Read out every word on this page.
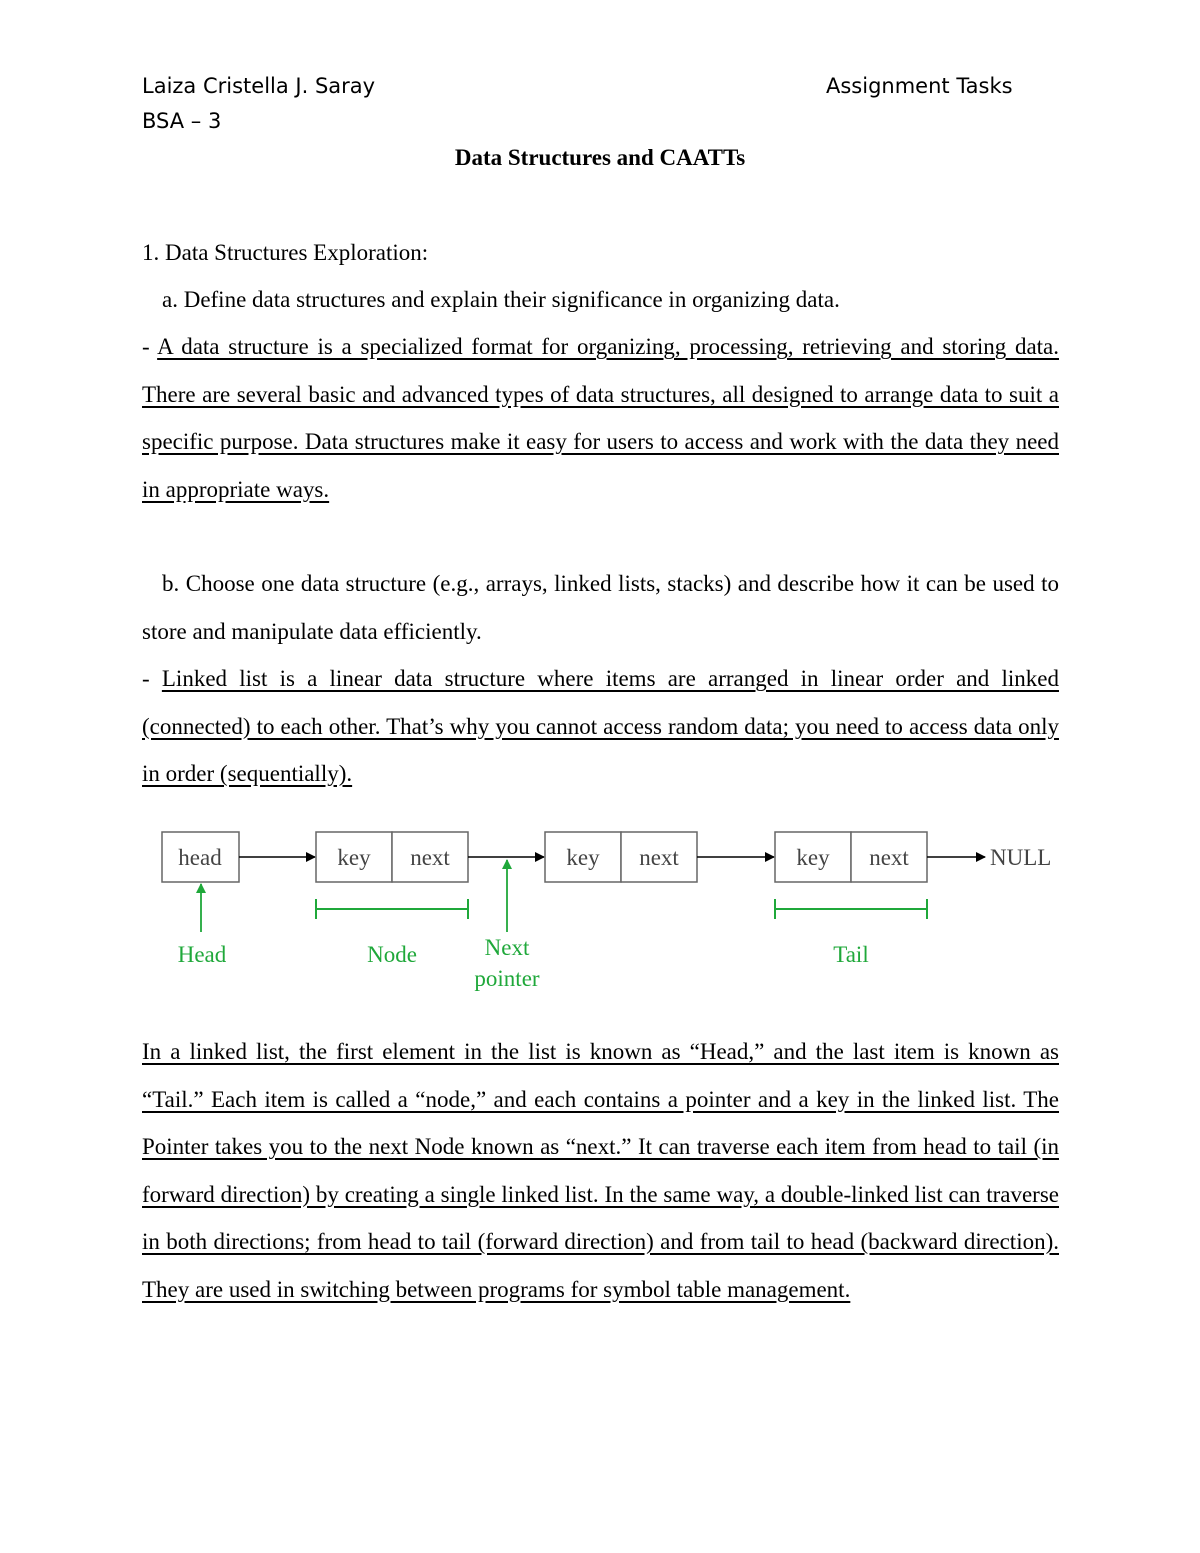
Laiza Cristella J. Saray	Assignment Tasks
BSA – 3
Data Structures and CAATTs
1. Data Structures Exploration:
a. Define data structures and explain their significance in organizing data.

- A data structure is a specialized format for organizing, processing, retrieving and storing data. There are several basic and advanced types of data structures, all designed to arrange data to suit a specific purpose. Data structures make it easy for users to access and work with the data they need in appropriate ways.

b. Choose one data structure (e.g., arrays, linked lists, stacks) and describe how it can be used to store and manipulate data efficiently.

- Linked list is a linear data structure where items are arranged in linear order and linked (connected) to each other. That’s why you cannot access random data; you need to access data only in order (sequentially).

head	key next	key next	key next	NULL
Head	Node	Next
pointer
Tail

In a linked list, the first element in the list is known as “Head,” and the last item is known as “Tail.” Each item is called a “node,” and each contains a pointer and a key in the linked list. The Pointer takes you to the next Node known as “next.” It can traverse each item from head to tail (in forward direction) by creating a single linked list. In the same way, a double-linked list can traverse in both directions; from head to tail (forward direction) and from tail to head (backward direction). They are used in switching between programs for symbol table management.
